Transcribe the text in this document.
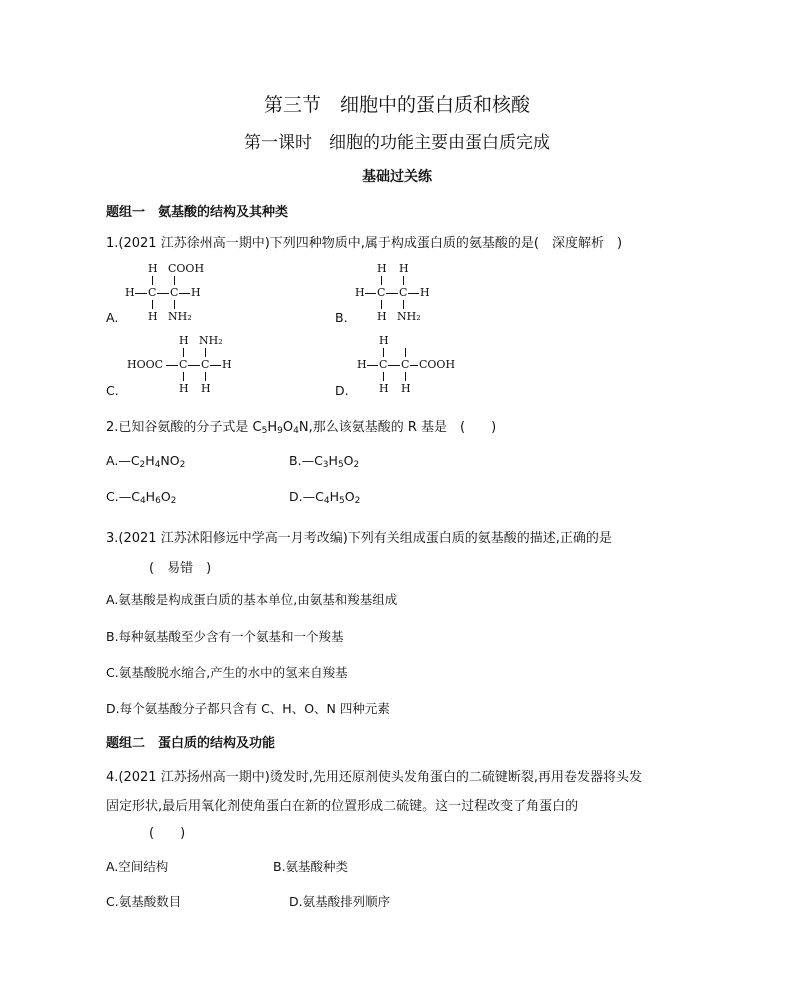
第三节　细胞中的蛋白质和核酸
第一课时　细胞的功能主要由蛋白质完成
基础过关练
题组一　氨基酸的结构及其种类
1.(2021 江苏徐州高一期中)下列四种物质中,属于构成蛋白质的氨基酸的是(　深度解析　)
A.
H COOH
H C C H
H NH₂	B.
H H
H C C H
H NH₂
C.
H NH₂
HOOC C C H
H H	D.
H
H C C COOH
H H
2.已知谷氨酸的分子式是 $C_5H_9O_4N$,那么该氨基酸的 R 基是　(　　)
$A.—C_2H_4NO_2$	$B.—C_3H_5O_2$
$C.—C_4H_6O_2$	$D.—C_4H_5O_2$
3.(2021 江苏沭阳修远中学高一月考改编)下列有关组成蛋白质的氨基酸的描述,正确的是
(　易错　)
A.氨基酸是构成蛋白质的基本单位,由氨基和羧基组成
B.每种氨基酸至少含有一个氨基和一个羧基
C.氨基酸脱水缩合,产生的水中的氢来自羧基
D.每个氨基酸分子都只含有 C、H、O、N 四种元素
题组二　蛋白质的结构及功能
4.(2021 江苏扬州高一期中)烫发时,先用还原剂使头发角蛋白的二硫键断裂,再用卷发器将头发
固定形状,最后用氧化剂使角蛋白在新的位置形成二硫键。这一过程改变了角蛋白的
(　　)
A.空间结构	B.氨基酸种类
C.氨基酸数目	D.氨基酸排列顺序
